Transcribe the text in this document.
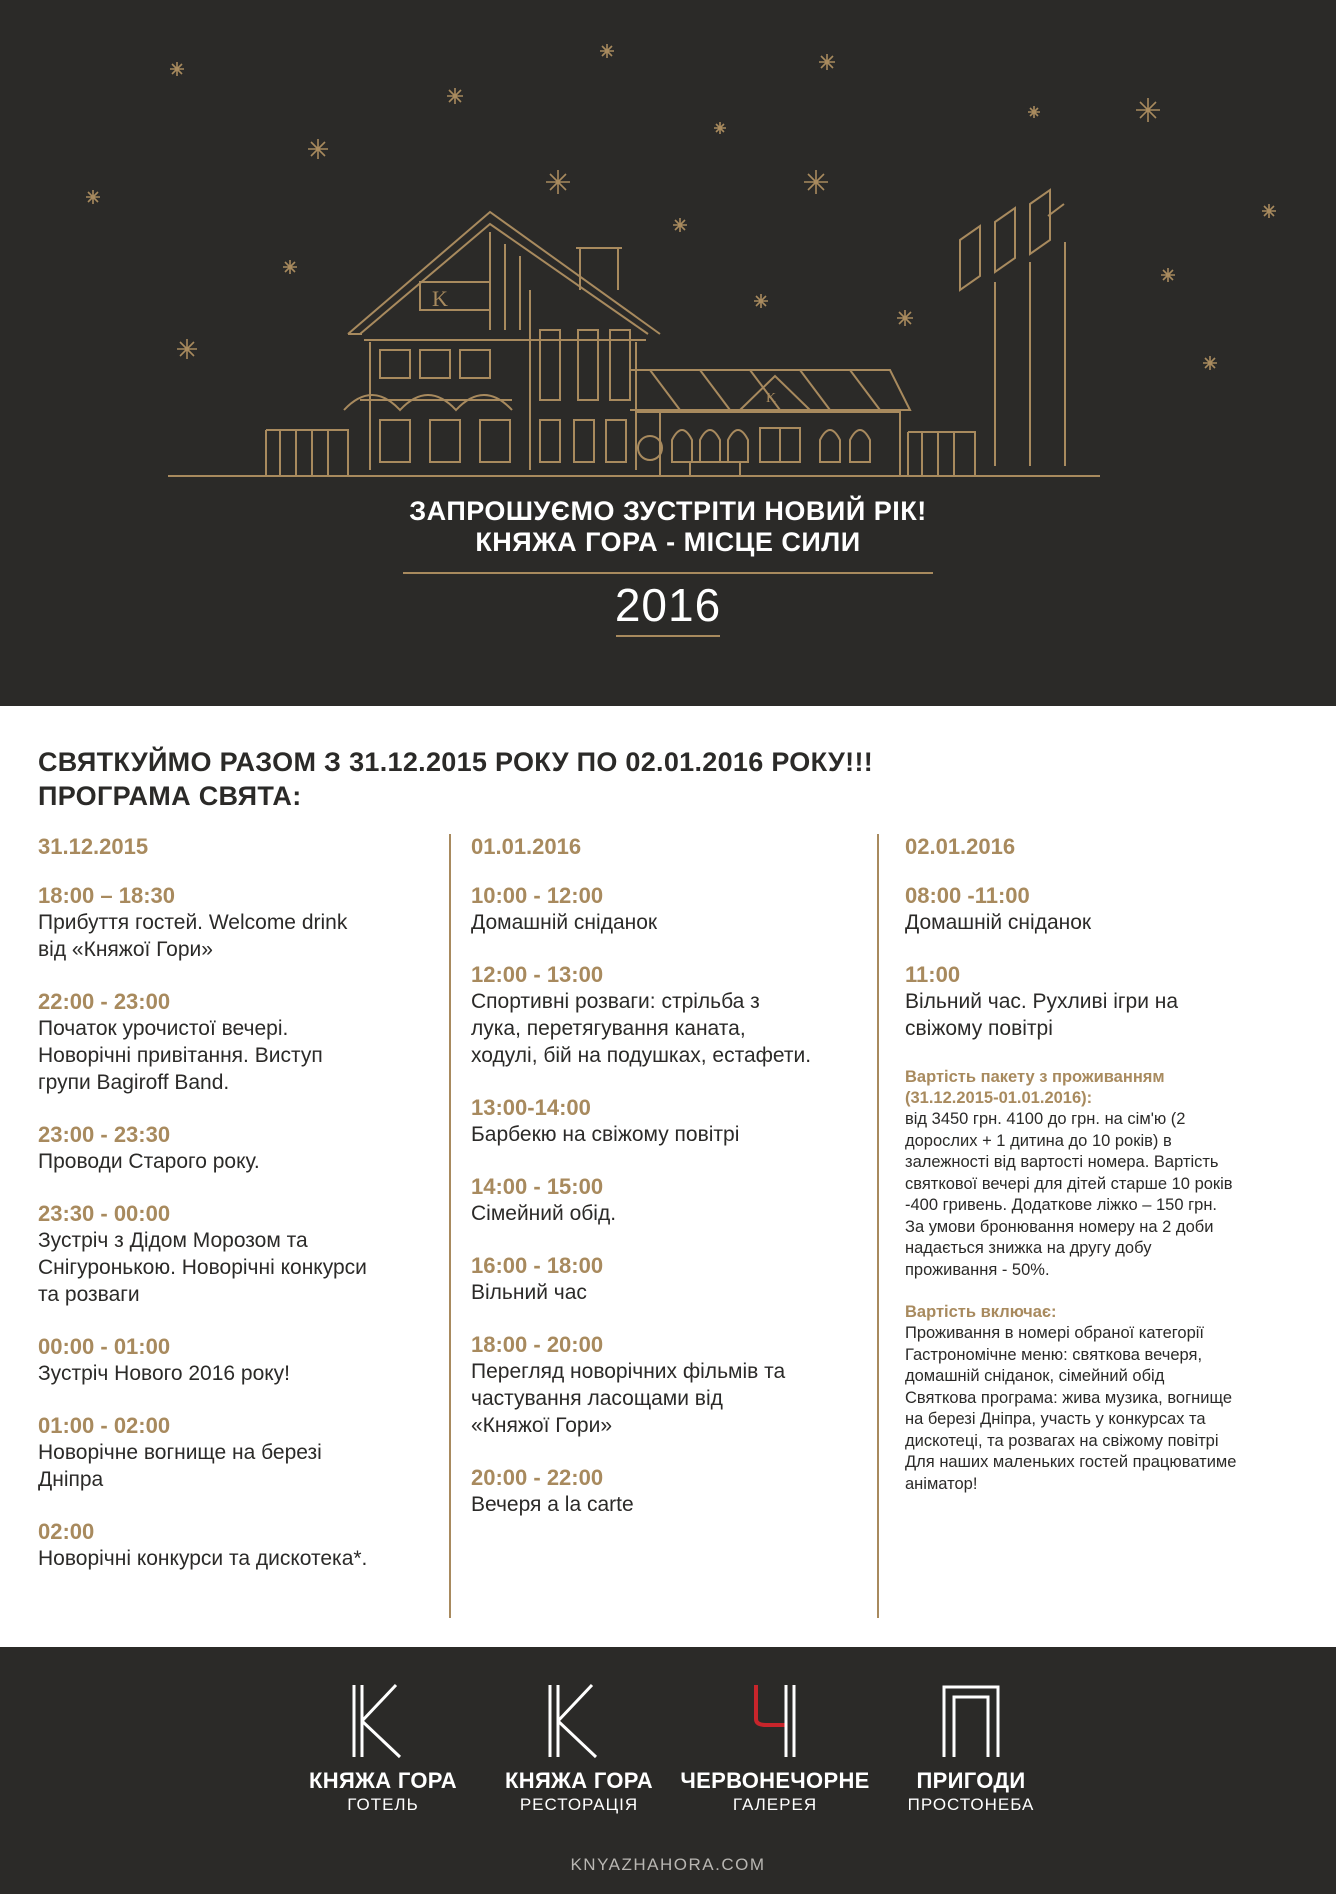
K
K
ЗАПРОШУЄМО ЗУСТРІТИ НОВИЙ РІК!
КНЯЖА ГОРА - МІСЦЕ СИЛИ
2016
СВЯТКУЙМО РАЗОМ З 31.12.2015 РОКУ ПО 02.01.2016 РОКУ!!!
ПРОГРАМА СВЯТА:
31.12.2015
18:00 – 18:30
Прибуття гостей. Welcome drink
від «Княжої Гори»
22:00 - 23:00
Початок урочистої вечері.
Новорічні привітання. Виступ
групи Bagiroff Band.
23:00 - 23:30
Проводи Старого року.
23:30 - 00:00
Зустріч з Дідом Морозом та
Снігуронькою. Новорічні конкурси
та розваги
00:00 - 01:00
Зустріч Нового 2016 року!
01:00 - 02:00
Новорічне вогнище на березі
Дніпра
02:00
Новорічні конкурси та дискотека*.
01.01.2016
10:00 - 12:00
Домашній сніданок
12:00 - 13:00
Спортивні розваги: стрільба з
лука, перетягування каната,
ходулі, бій на подушках, естафети.
13:00-14:00
Барбекю на свіжому повітрі
14:00 - 15:00
Сімейний обід.
16:00 - 18:00
Вільний час
18:00 - 20:00
Перегляд новорічних фільмів та
частування ласощами від
«Княжої Гори»
20:00 - 22:00
Вечеря a la carte
02.01.2016
08:00 -11:00
Домашній сніданок
11:00
Вільний час. Рухливі ігри на
свіжому повітрі
Вартість пакету з проживанням
(31.12.2015-01.01.2016):
від 3450 грн. 4100 до грн. на сім'ю (2
дорослих + 1 дитина до 10 років) в
залежності від вартості номера. Вартість
святкової вечері для дітей старше 10 років
-400 гривень. Додаткове ліжко – 150 грн.
За умови бронювання номеру на 2 доби
надається знижка на другу добу
проживання - 50%.
Вартість включає:
Проживання в номері обраної категорії
Гастрономічне меню: святкова вечеря,
домашній сніданок, сімейний обід
Святкова програма: жива музика, вогнище
на березі Дніпра, участь у конкурсах та
дискотеці, та розвагах на свіжому повітрі
Для наших маленьких гостей працюватиме
аніматор!
КНЯЖА ГОРА
ГОТЕЛЬ
КНЯЖА ГОРА
РЕСТОРАЦІЯ
ЧЕРВОНЕЧОРНЕ
ГАЛЕРЕЯ
ПРИГОДИ
ПРОСТОНЕБА
KNYAZHAHORA.COM
